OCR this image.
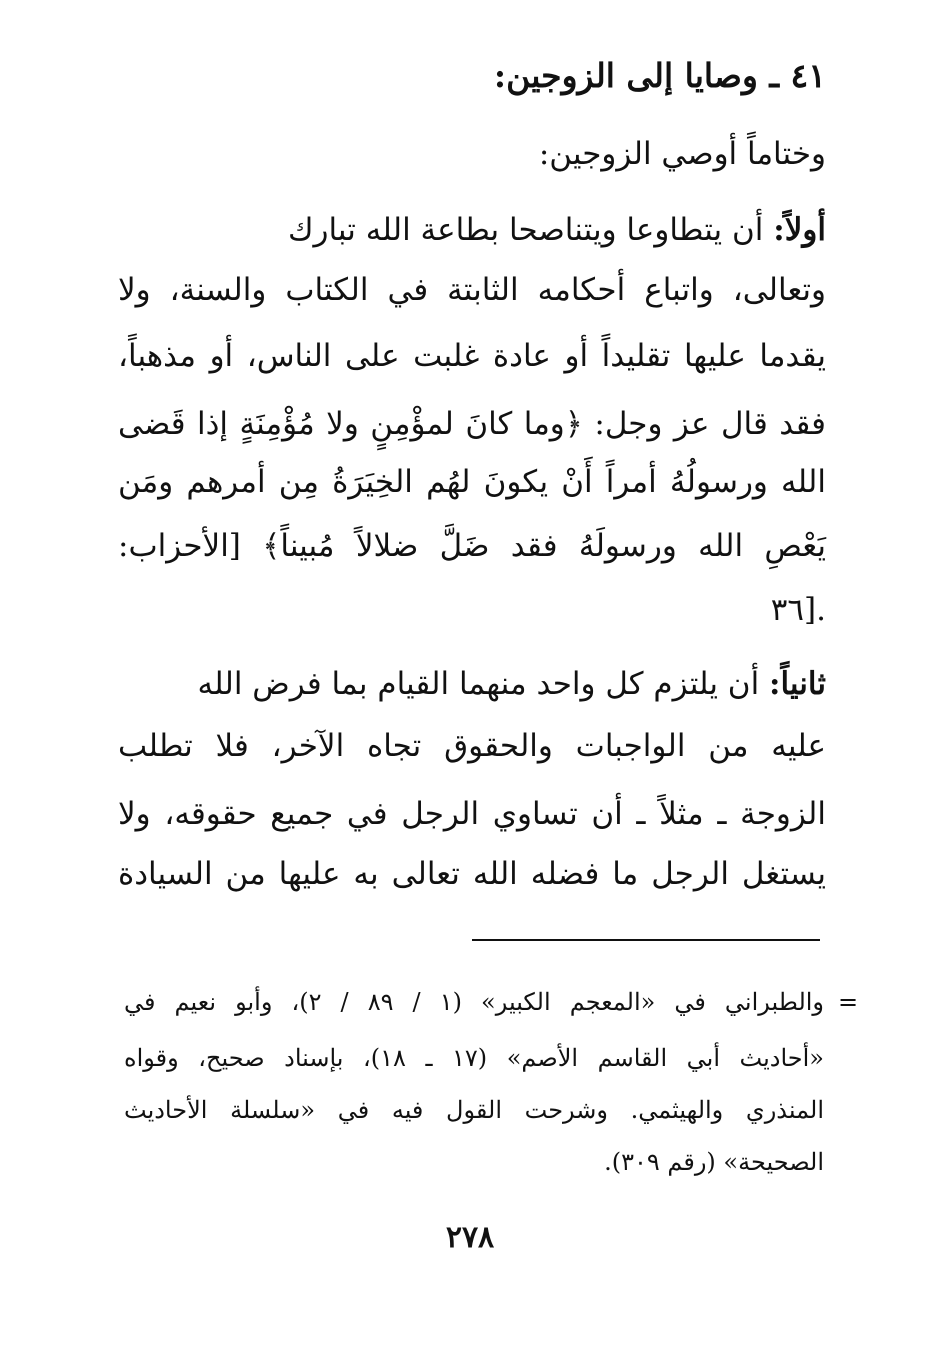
٤١ ـ وصايا إلى الزوجين:
وختاماً أوصي الزوجين:
أولاً: أن يتطاوعا ويتناصحا بطاعة الله تبارك
وتعالى، واتباع أحكامه الثابتة في الكتاب والسنة، ولا
يقدما عليها تقليداً أو عادة غلبت على الناس، أو مذهباً،
فقد قال عز وجل: ﴿وما كانَ لمؤْمِنٍ ولا مُؤْمِنَةٍ إذا قَضى
الله ورسولُهُ أمراً أَنْ يكونَ لهُم الخِيَرَةُ مِن أمرهم ومَن
يَعْصِ الله ورسولَهُ فقد ضَلَّ ضلالاً مُبيناً﴾ [الأحزاب:
٣٦].
ثانياً: أن يلتزم كل واحد منهما القيام بما فرض الله
عليه من الواجبات والحقوق تجاه الآخر، فلا تطلب
الزوجة ـ مثلاً ـ أن تساوي الرجل في جميع حقوقه، ولا
يستغل الرجل ما فضله الله تعالى به عليها من السيادة
=
والطبراني في «المعجم الكبير» (١ / ٨٩ / ٢)، وأبو نعيم في
«أحاديث أبي القاسم الأصم» (١٧ ـ ١٨)، بإسناد صحيح، وقواه
المنذري والهيثمي. وشرحت القول فيه في «سلسلة الأحاديث
الصحيحة» (رقم ٣٠٩).
٢٧٨
